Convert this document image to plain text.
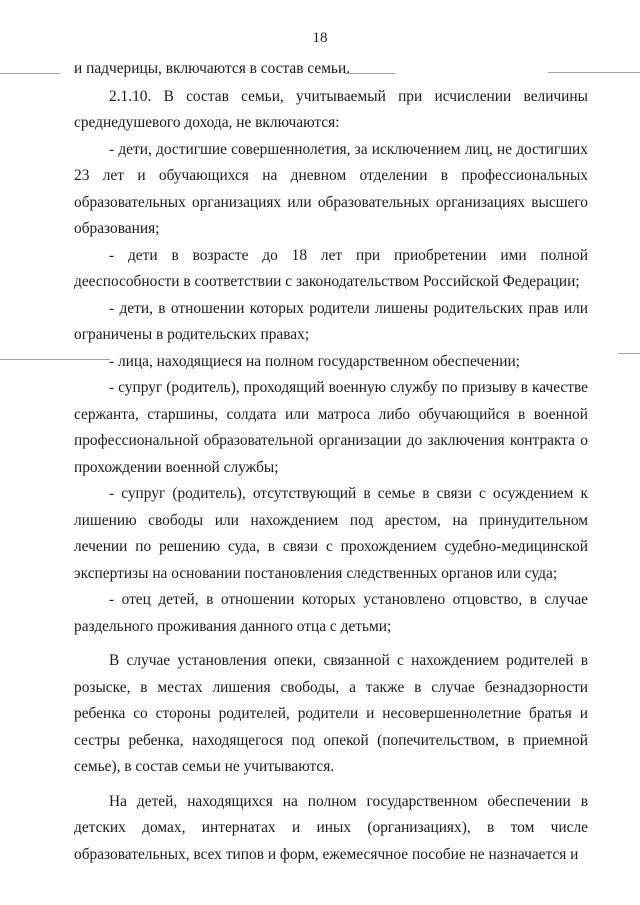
18

и падчерицы, включаются в состав семьи.

2.1.10. В состав семьи, учитываемый при исчислении величины среднедушевого дохода, не включаются:

- дети, достигшие совершеннолетия, за исключением лиц, не достигших 23 лет и обучающихся на дневном отделении в профессиональных образовательных организациях или образовательных организациях высшего образования;

- дети в возрасте до 18 лет при приобретении ими полной дееспособности в соответствии с законодательством Российской Федерации;

- дети, в отношении которых родители лишены родительских прав или ограничены в родительских правах;

- лица, находящиеся на полном государственном обеспечении;

- супруг (родитель), проходящий военную службу по призыву в качестве сержанта, старшины, солдата или матроса либо обучающийся в военной профессиональной образовательной организации до заключения контракта о прохождении военной службы;

- супруг (родитель), отсутствующий в семье в связи с осуждением к лишению свободы или нахождением под арестом, на принудительном лечении по решению суда, в связи с прохождением судебно-медицинской экспертизы на основании постановления следственных органов или суда;

- отец детей, в отношении которых установлено отцовство, в случае раздельного проживания данного отца с детьми;

В случае установления опеки, связанной с нахождением родителей в розыске, в местах лишения свободы, а также в случае безнадзорности ребенка со стороны родителей, родители и несовершеннолетние братья и сестры ребенка, находящегося под опекой (попечительством, в приемной семье), в состав семьи не учитываются.

На детей, находящихся на полном государственном обеспечении в детских домах, интернатах и иных (организациях), в том числе образовательных, всех типов и форм, ежемесячное пособие не назначается и
